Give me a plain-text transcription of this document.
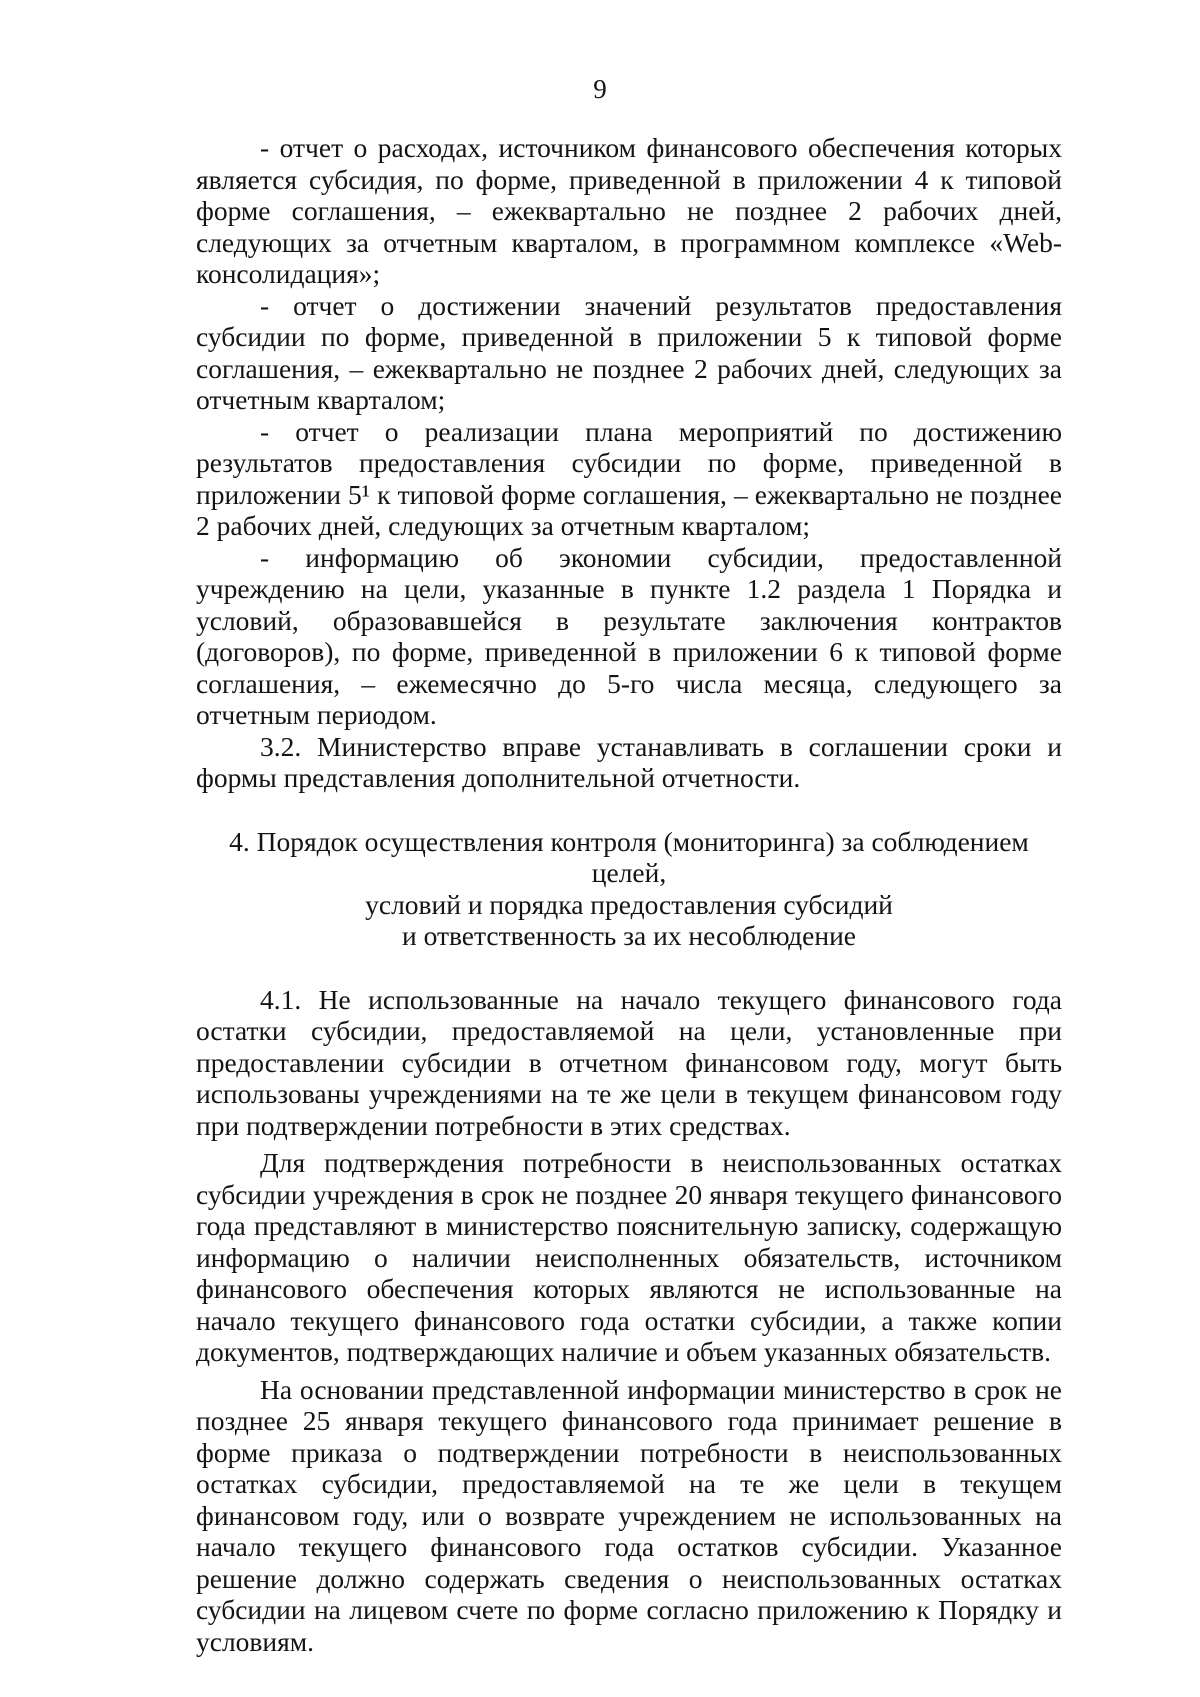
9

- отчет о расходах, источником финансового обеспечения которых является субсидия, по форме, приведенной в приложении 4 к типовой форме соглашения, – ежеквартально не позднее 2 рабочих дней, следующих за отчетным кварталом, в программном комплексе «Web-консолидация»;

- отчет о достижении значений результатов предоставления субсидии по форме, приведенной в приложении 5 к типовой форме соглашения, – ежеквартально не позднее 2 рабочих дней, следующих за отчетным кварталом;

- отчет о реализации плана мероприятий по достижению результатов предоставления субсидии по форме, приведенной в приложении 5¹ к типовой форме соглашения, – ежеквартально не позднее 2 рабочих дней, следующих за отчетным кварталом;

- информацию об экономии субсидии, предоставленной учреждению на цели, указанные в пункте 1.2 раздела 1 Порядка и условий, образовавшейся в результате заключения контрактов (договоров), по форме, приведенной в приложении 6 к типовой форме соглашения, – ежемесячно до 5-го числа месяца, следующего за отчетным периодом.

3.2. Министерство вправе устанавливать в соглашении сроки и формы представления дополнительной отчетности.

4. Порядок осуществления контроля (мониторинга) за соблюдением целей,
условий и порядка предоставления субсидий
и ответственность за их несоблюдение

4.1. Не использованные на начало текущего финансового года остатки субсидии, предоставляемой на цели, установленные при предоставлении субсидии в отчетном финансовом году, могут быть использованы учреждениями на те же цели в текущем финансовом году при подтверждении потребности в этих средствах.

Для подтверждения потребности в неиспользованных остатках субсидии учреждения в срок не позднее 20 января текущего финансового года представляют в министерство пояснительную записку, содержащую информацию о наличии неисполненных обязательств, источником финансового обеспечения которых являются не использованные на начало текущего финансового года остатки субсидии, а также копии документов, подтверждающих наличие и объем указанных обязательств.

На основании представленной информации министерство в срок не позднее 25 января текущего финансового года принимает решение в форме приказа о подтверждении потребности в неиспользованных остатках субсидии, предоставляемой на те же цели в текущем финансовом году, или о возврате учреждением не использованных на начало текущего финансового года остатков субсидии. Указанное решение должно содержать сведения о неиспользованных остатках субсидии на лицевом счете по форме согласно приложению к Порядку и условиям.
